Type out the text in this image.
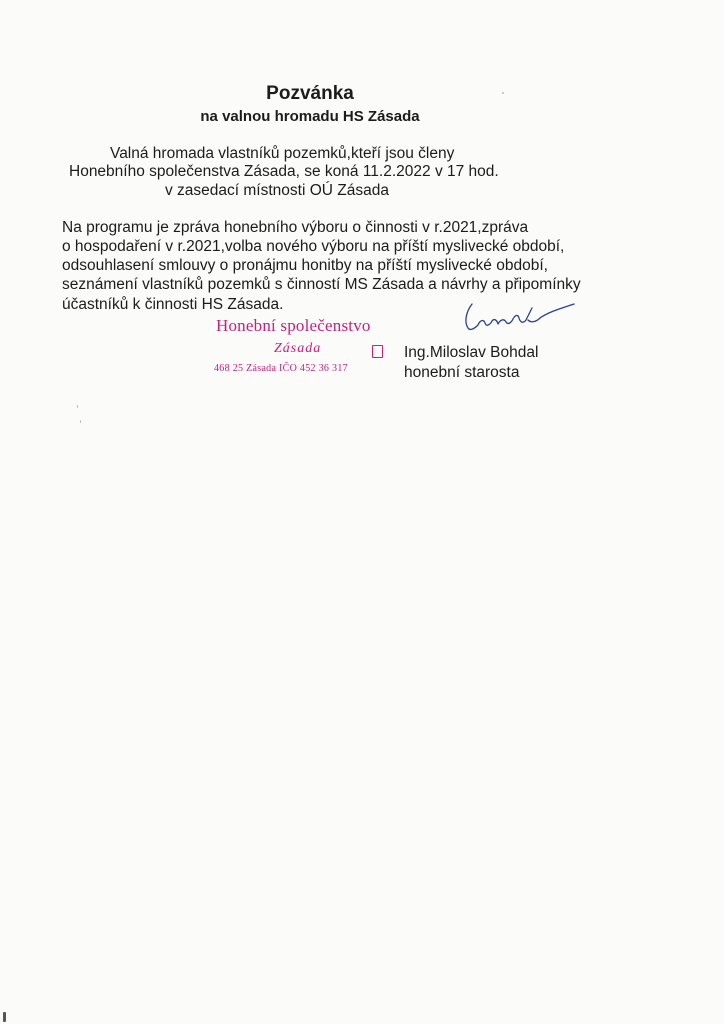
Pozvánka
na valnou hromadu HS Zásada
Valná hromada vlastníků pozemků,kteří jsou členy
Honebního společenstva Zásada, se koná 11.2.2022 v 17 hod.
v zasedací místnosti OÚ Zásada
Na programu je zpráva honebního výboru o činnosti v r.2021,zpráva
o hospodaření v r.2021,volba nového výboru na příští myslivecké období,
odsouhlasení smlouvy o pronájmu honitby na příští myslivecké období,
seznámení vlastníků pozemků s činností MS Zásada a návrhy a připomínky
účastníků k činnosti HS Zásada.
Honební společenstvo
Zásada
468 25 Zásada IČO 452 36 317
Ing.Miloslav Bohdal
honební starosta
